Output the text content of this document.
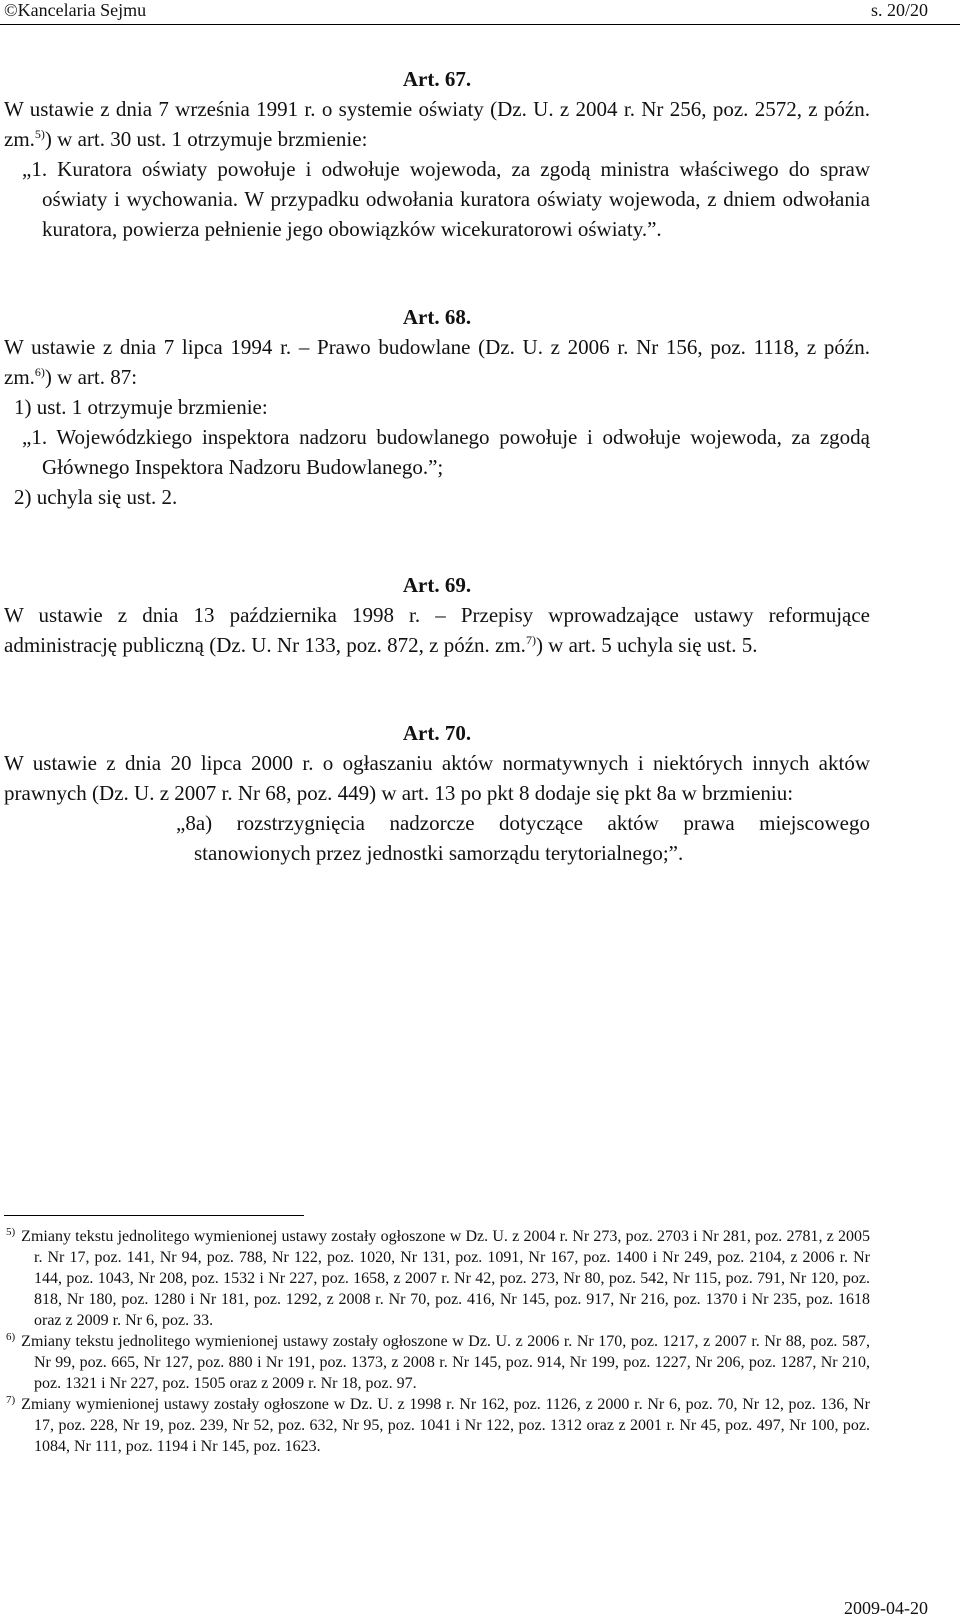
©Kancelaria Sejmu	s. 20/20

Art. 67.

W ustawie z dnia 7 września 1991 r. o systemie oświaty (Dz. U. z 2004 r. Nr 256, poz. 2572, z późn. zm.$^{5)}$) w art. 30 ust. 1 otrzymuje brzmienie:

„1. Kuratora oświaty powołuje i odwołuje wojewoda, za zgodą ministra właściwego do spraw oświaty i wychowania. W przypadku odwołania kuratora oświaty wojewoda, z dniem odwołania kuratora, powierza pełnienie jego obowiązków wicekuratorowi oświaty.”.

Art. 68.

W ustawie z dnia 7 lipca 1994 r. – Prawo budowlane (Dz. U. z 2006 r. Nr 156, poz. 1118, z późn. zm.$^{6)}$) w art. 87:

1) ust. 1 otrzymuje brzmienie:

„1. Wojewódzkiego inspektora nadzoru budowlanego powołuje i odwołuje wojewoda, za zgodą Głównego Inspektora Nadzoru Budowlanego.”;

2) uchyla się ust. 2.

Art. 69.

W ustawie z dnia 13 października 1998 r. – Przepisy wprowadzające ustawy reformujące administrację publiczną (Dz. U. Nr 133, poz. 872, z późn. zm.$^{7)}$) w art. 5 uchyla się ust. 5.

Art. 70.

W ustawie z dnia 20 lipca 2000 r. o ogłaszaniu aktów normatywnych i niektórych innych aktów prawnych (Dz. U. z 2007 r. Nr 68, poz. 449) w art. 13 po pkt 8 dodaje się pkt 8a w brzmieniu:

„8a) rozstrzygnięcia nadzorcze dotyczące aktów prawa miejscowego stanowionych przez jednostki samorządu terytorialnego;”.

$^{5)}$ Zmiany tekstu jednolitego wymienionej ustawy zostały ogłoszone w Dz. U. z 2004 r. Nr 273, poz. 2703 i Nr 281, poz. 2781, z 2005 r. Nr 17, poz. 141, Nr 94, poz. 788, Nr 122, poz. 1020, Nr 131, poz. 1091, Nr 167, poz. 1400 i Nr 249, poz. 2104, z 2006 r. Nr 144, poz. 1043, Nr 208, poz. 1532 i Nr 227, poz. 1658, z 2007 r. Nr 42, poz. 273, Nr 80, poz. 542, Nr 115, poz. 791, Nr 120, poz. 818, Nr 180, poz. 1280 i Nr 181, poz. 1292, z 2008 r. Nr 70, poz. 416, Nr 145, poz. 917, Nr 216, poz. 1370 i Nr 235, poz. 1618 oraz z 2009 r. Nr 6, poz. 33.

$^{6)}$ Zmiany tekstu jednolitego wymienionej ustawy zostały ogłoszone w Dz. U. z 2006 r. Nr 170, poz. 1217, z 2007 r. Nr 88, poz. 587, Nr 99, poz. 665, Nr 127, poz. 880 i Nr 191, poz. 1373, z 2008 r. Nr 145, poz. 914, Nr 199, poz. 1227, Nr 206, poz. 1287, Nr 210, poz. 1321 i Nr 227, poz. 1505 oraz z 2009 r. Nr 18, poz. 97.

$^{7)}$ Zmiany wymienionej ustawy zostały ogłoszone w Dz. U. z 1998 r. Nr 162, poz. 1126, z 2000 r. Nr 6, poz. 70, Nr 12, poz. 136, Nr 17, poz. 228, Nr 19, poz. 239, Nr 52, poz. 632, Nr 95, poz. 1041 i Nr 122, poz. 1312 oraz z 2001 r. Nr 45, poz. 497, Nr 100, poz. 1084, Nr 111, poz. 1194 i Nr 145, poz. 1623.

2009-04-20
